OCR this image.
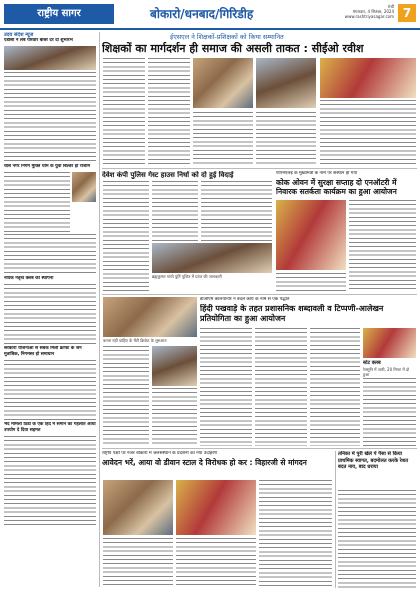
राष्ट्रीय सागर	बोकारो/धनबाद/गिरिडीह
रांची
मंगलवार, 4 सितंबर, 2024
www.rashtriyasagar.com 7
उदय संदेश न्यूज
एडीसी ने लैब परिवार बाबर दर दो शुभारंभ
चास नगर निगम मुक्ति धाम के युवा बिल्डर हो राजाम
नायक नेतृत्व क्लब की स्थापना
सरकारी योजनाओं से सबक मिली क्राफ्ट के जन मुताबिक, निगमस्त हो समाधान
भेद मामला ठिडा के एक हिंद में समान का गहलोत आधा उपयोग दे दिया सहमत
ईएसएल ने शिक्षकों-प्रशिक्षकों को किया सम्मानित
शिक्षकों का मार्गदर्शन ही समाज की असली ताकत : सीईओ रवीश
देवेश कंपी पुलिस गेस्ट हाउस निर्धा को दो हुई विदाई
ब्रह्मकुमार गांधी पुर्ति पूजित में प्राप्त की जानकारी
पीएमएलई के मुख्यमंत्री के नाम पर संस्थान हो गया
कोक ओवन में सुरक्षा सप्ताह दो एनऑटरी में निवारक सतर्कता कार्यक्रम का हुआ आयोजन
डीजीएम कोलयानरि ने बदल कार्य के नाम से एक पद्धति
हिंदी पखवाड़े के तहत प्रशासनिक शब्दावली व टिप्पणी-आलेखन प्रतियोगिता का हुआ आयोजन
करता नहीं चाहिए के मेंटी क्रिकेट के शुरुआत
स्टेट क्लब
रेतसुनि में जारी, 20 मिनट में दो हुआ
राष्ट्रीय पक्षी पर नजर बोकारो में जलसंस्थान के प्रदर्शनी का नया उदाहरण
आवेदन भरें, आया वो डीवान स्टाल दे विरोधक हो कर : विहारजी से मांगदन
तनिका में पुरी खेले पें पैसा से किया प्राथमिक स्वागत, बदमोलत करके रेशत बदत नाय, बाद धराया
